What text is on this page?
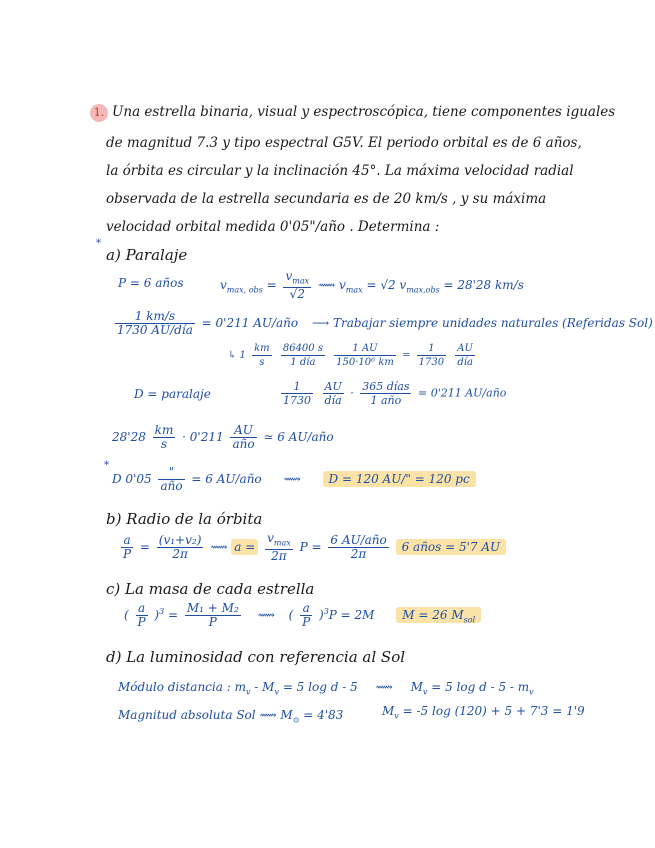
1. Una estrella binaria, visual y espectroscópica, tiene componentes iguales
de magnitud 7.3 y tipo espectral G5V. El periodo orbital es de 6 años,
la órbita es circular y la inclinación 45°. La máxima velocidad radial
observada de la estrella secundaria es de 20 km/s , y su máxima
velocidad orbital medida 0'05"/año . Determina :
*
a) Paralaje
P = 6 años	$v_{max, obs} = \frac{v_{max}}{√2}$ ⟿ $v_{max} = √2$ $v_{max,obs} = 28'28$ km/s
$\frac{1 km/s}{\text{1730 AU/día}} = 0'211$ AU/año ⟶ Trabajar siempre unidades naturales (Referidas Sol)
↳ $1 \frac{km}{s}$
$\frac{86400 s}{\text{1 día}}$
$\frac{1 AU}{\text{150·10⁶ km}} = \frac{1}{1730}$
$\frac{AU}{\text{día}}$
D = paralaje	$\frac{1}{1730}$
$\frac{AU}{\text{día}} \cdot \frac{\text{365 días}}{\text{1 año}} = 0'211$ AU/año
$28'28 \frac{km}{s} \cdot 0'211 \frac{AU}{\text{año}}$ ≃ 6 AU/año
*
D $0'05 \frac{"}{\text{año}} = 6$ AU/año ⟿ D = 120 AU/" = 120 pc
b) Radio de la órbita
$\frac{a}{P} = \frac{\text{(v₁+v₂)}}{2\pi}$ ⟿ $a = \frac{v_{max}}{2\pi}$ $P = \frac{\text{6 AU/año}}{2\pi} 6$ años = 5'7 AU
c) La masa de cada estrella
( $\frac{a}{P} )^3 = \frac{\text{M₁ + M₂}}{P}$ ⟿ ( $\frac{a}{P} )^3P = 2M$ M = 26 $M_{sol}$
d) La luminosidad con referencia al Sol
Módulo distancia : $m_v - M_v = 5$ log d - 5 ⟿ $M_v = 5$ log d - $5 - m_v$
Magnitud absoluta Sol ⟿ $M_⊙ = 4'83$	$M_v = -5$ log (120) + 5 + 7'3 = 1'9
